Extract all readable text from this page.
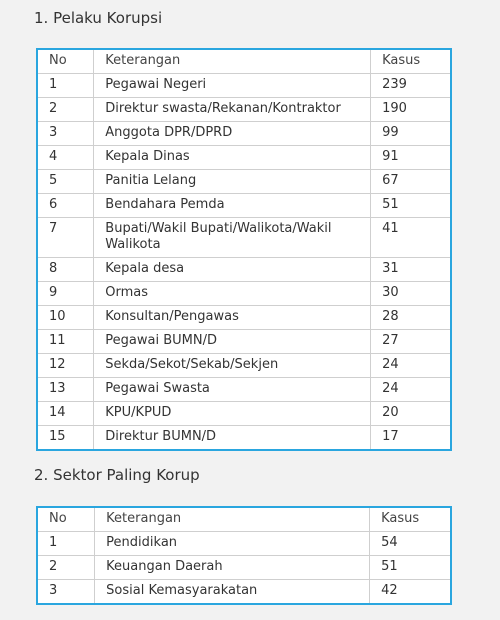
1. Pelaku Korupsi
No	Keterangan	Kasus
1	Pegawai Negeri	239
2	Direktur swasta/Rekanan/Kontraktor	190
3	Anggota DPR/DPRD	99
4	Kepala Dinas	91
5	Panitia Lelang	67
6	Bendahara Pemda	51
7	Bupati/Wakil Bupati/Walikota/Wakil Walikota	41
8	Kepala desa	31
9	Ormas	30
10	Konsultan/Pengawas	28
11	Pegawai BUMN/D	27
12	Sekda/Sekot/Sekab/Sekjen	24
13	Pegawai Swasta	24
14	KPU/KPUD	20
15	Direktur BUMN/D	17
2. Sektor Paling Korup
No	Keterangan	Kasus
1	Pendidikan	54
2	Keuangan Daerah	51
3	Sosial Kemasyarakatan	42
